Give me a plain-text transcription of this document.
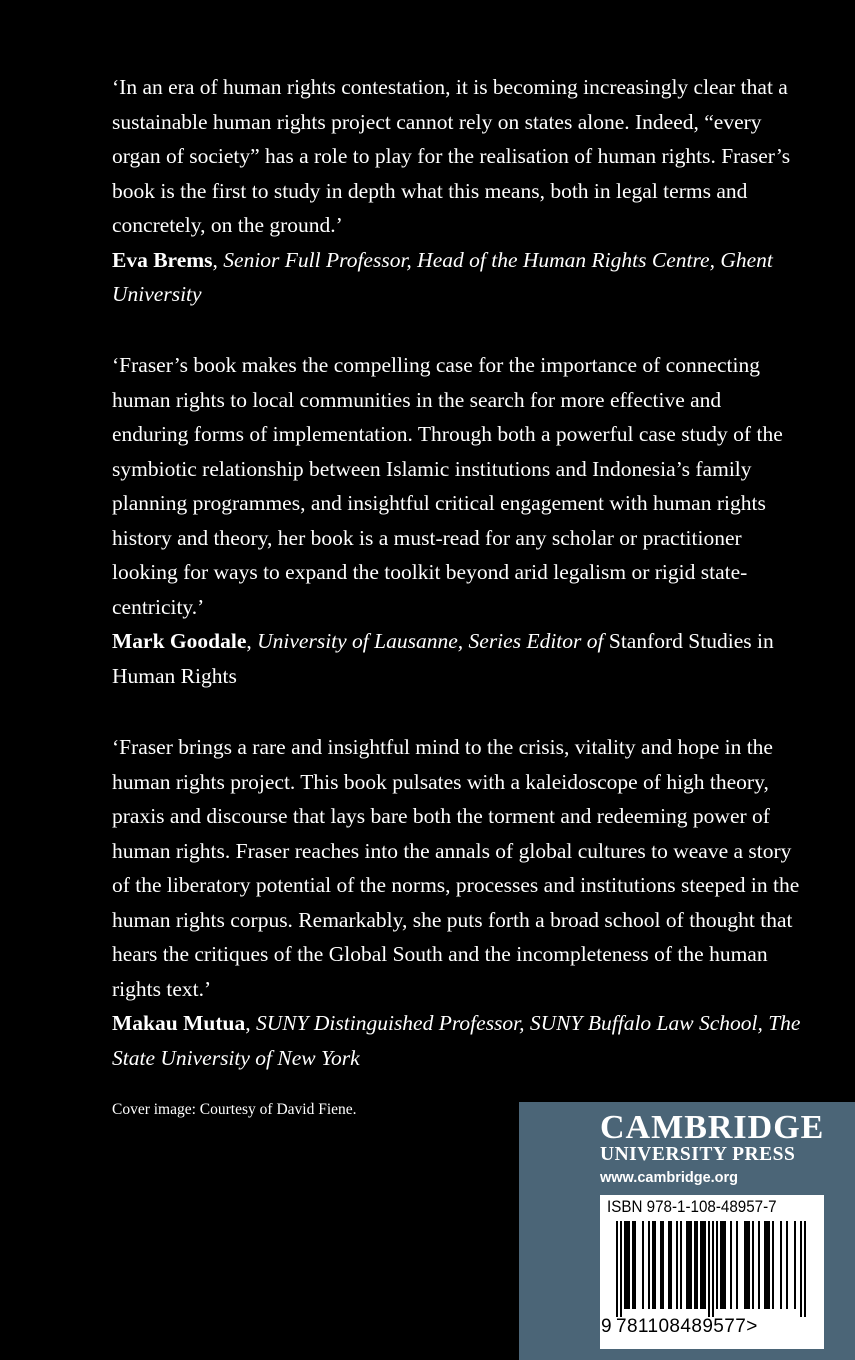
‘In an era of human rights contestation, it is becoming increasingly clear that a sustainable human rights project cannot rely on states alone. Indeed, “every organ of society” has a role to play for the realisation of human rights. Fraser’s book is the first to study in depth what this means, both in legal terms and concretely, on the ground.’

Eva Brems, Senior Full Professor, Head of the Human Rights Centre, Ghent University

‘Fraser’s book makes the compelling case for the importance of connecting human rights to local communities in the search for more effective and enduring forms of implementation. Through both a powerful case study of the symbiotic relationship between Islamic institutions and Indonesia’s family planning programmes, and insightful critical engagement with human rights history and theory, her book is a must-read for any scholar or practitioner looking for ways to expand the toolkit beyond arid legalism or rigid state-centricity.’

Mark Goodale, University of Lausanne, Series Editor of Stanford Studies in Human Rights

‘Fraser brings a rare and insightful mind to the crisis, vitality and hope in the human rights project. This book pulsates with a kaleidoscope of high theory, praxis and discourse that lays bare both the torment and redeeming power of human rights. Fraser reaches into the annals of global cultures to weave a story of the liberatory potential of the norms, processes and institutions steeped in the human rights corpus. Remarkably, she puts forth a broad school of thought that hears the critiques of the Global South and the incompleteness of the human rights text.’

Makau Mutua, SUNY Distinguished Professor, SUNY Buffalo Law School, The State University of New York

Cover image: Courtesy of David Fiene.	CAMBRIDGE
UNIVERSITY PRESS
www.cambridge.org
ISBN 978-1-108-48957-7
9 781108489577>
